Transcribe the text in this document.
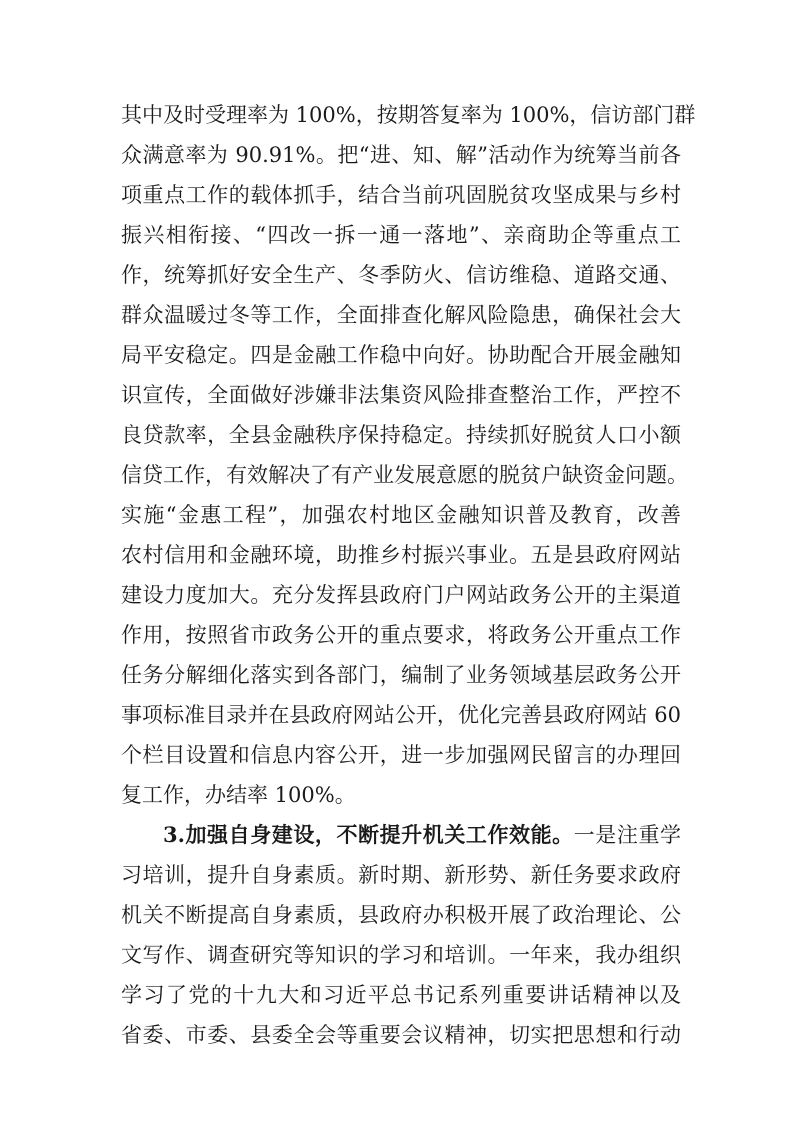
其中及时受理率为 100%，按期答复率为 100%，信访部门群
众满意率为 90.91%。把“进、知、解”活动作为统筹当前各
项重点工作的载体抓手，结合当前巩固脱贫攻坚成果与乡村
振兴相衔接、“四改一拆一通一落地”、亲商助企等重点工
作，统筹抓好安全生产、冬季防火、信访维稳、道路交通、
群众温暖过冬等工作，全面排查化解风险隐患，确保社会大
局平安稳定。四是金融工作稳中向好。协助配合开展金融知
识宣传，全面做好涉嫌非法集资风险排查整治工作，严控不
良贷款率，全县金融秩序保持稳定。持续抓好脱贫人口小额
信贷工作，有效解决了有产业发展意愿的脱贫户缺资金问题。
实施“金惠工程”，加强农村地区金融知识普及教育，改善
农村信用和金融环境，助推乡村振兴事业。五是县政府网站
建设力度加大。充分发挥县政府门户网站政务公开的主渠道
作用，按照省市政务公开的重点要求，将政务公开重点工作
任务分解细化落实到各部门，编制了业务领域基层政务公开
事项标准目录并在县政府网站公开，优化完善县政府网站 60
个栏目设置和信息内容公开，进一步加强网民留言的办理回
复工作，办结率 100%。
3.加强自身建设，不断提升机关工作效能。一是注重学
习培训，提升自身素质。新时期、新形势、新任务要求政府
机关不断提高自身素质，县政府办积极开展了政治理论、公
文写作、调查研究等知识的学习和培训。一年来，我办组织
学习了党的十九大和习近平总书记系列重要讲话精神以及
省委、市委、县委全会等重要会议精神，切实把思想和行动
